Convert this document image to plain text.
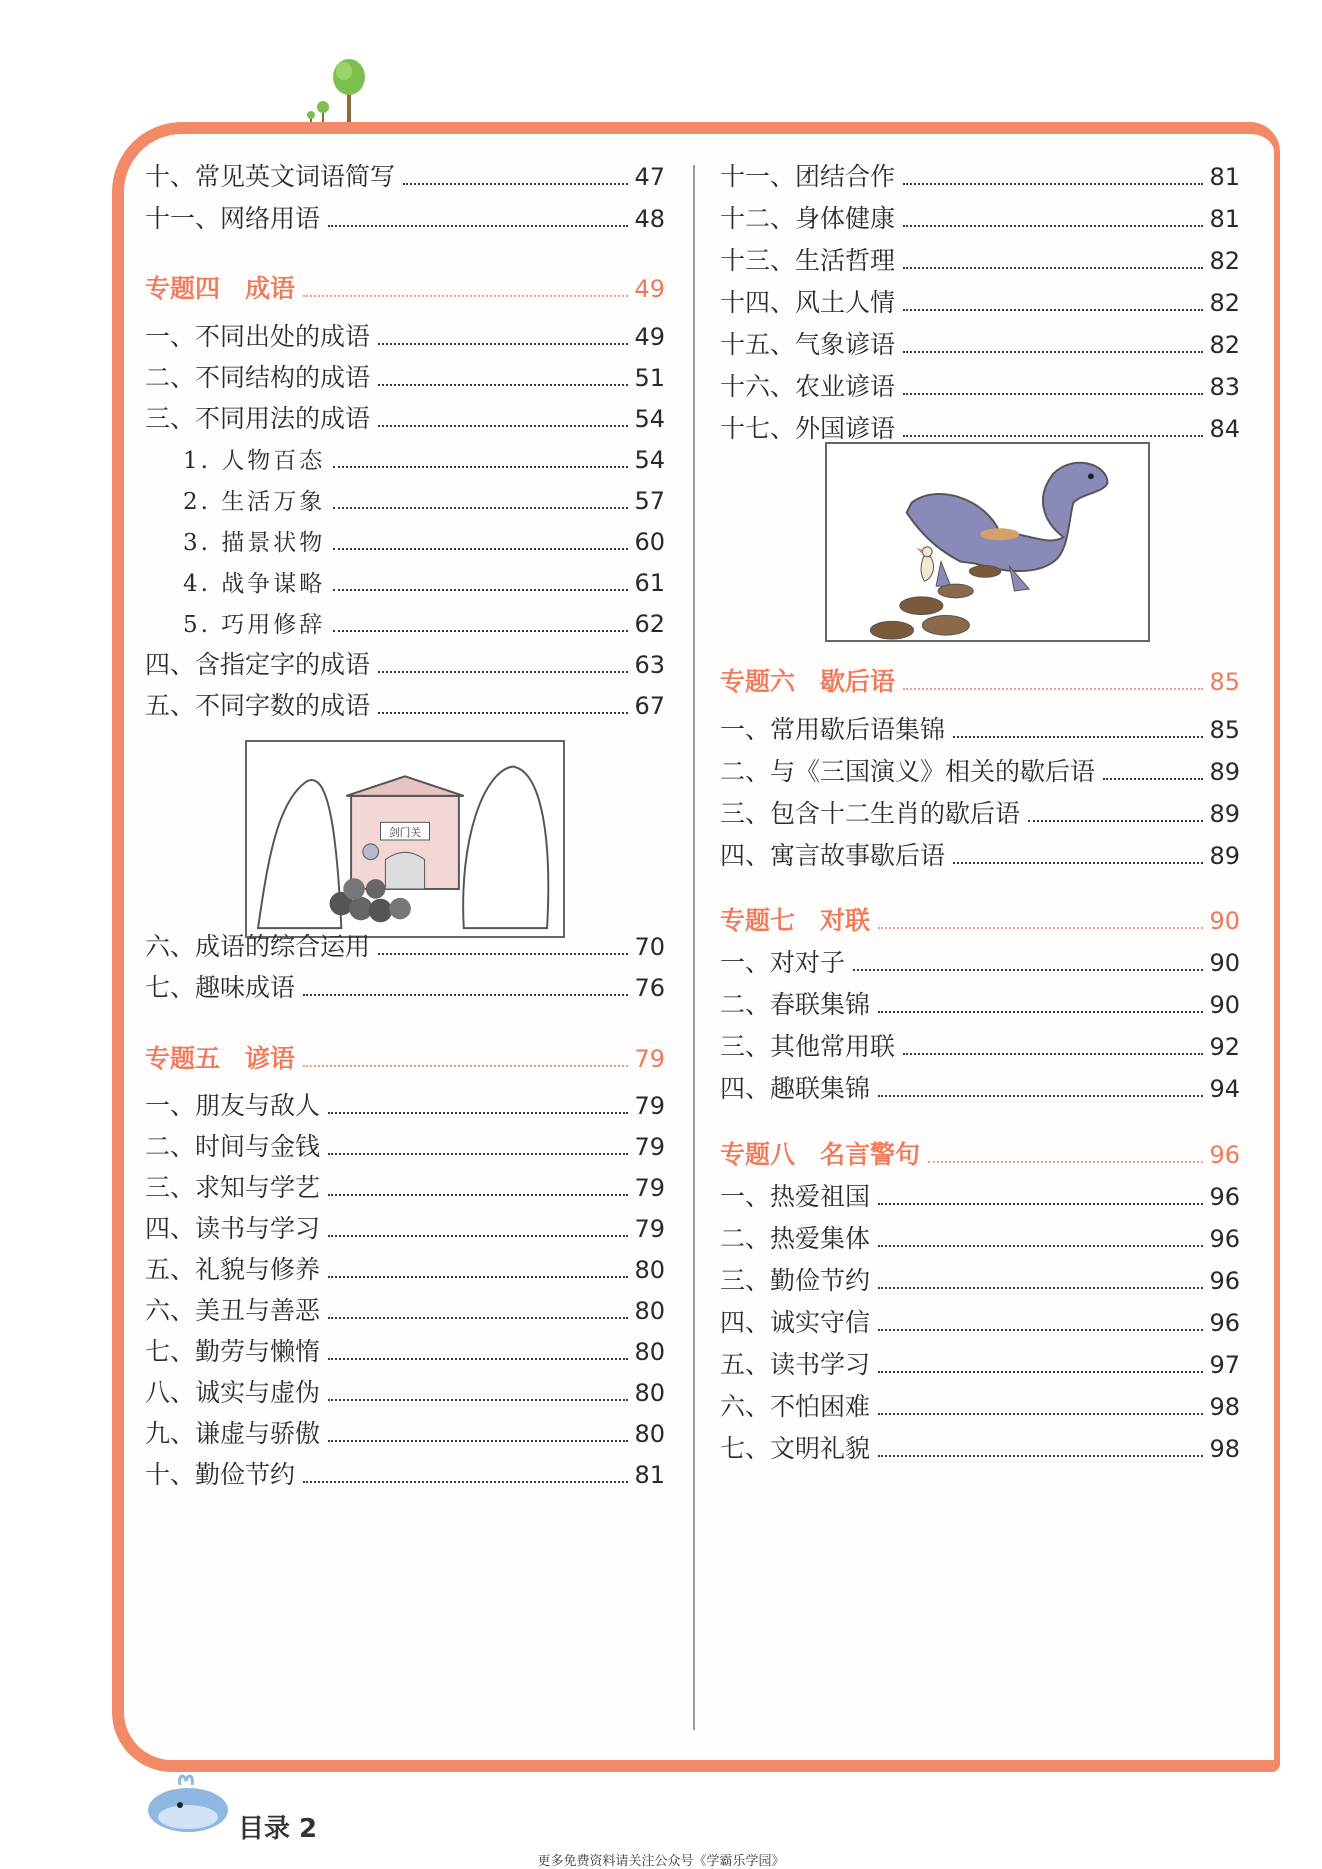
十、常见英文词语简写	47
十一、网络用语	48
专题四　成语	49
一、不同出处的成语	49
二、不同结构的成语	51
三、不同用法的成语	54
1. 人物百态	54
2. 生活万象	57
3. 描景状物	60
4. 战争谋略	61
5. 巧用修辞	62
四、含指定字的成语	63
五、不同字数的成语	67
剑门关
六、成语的综合运用	70
七、趣味成语	76
专题五　谚语	79
一、朋友与敌人	79
二、时间与金钱	79
三、求知与学艺	79
四、读书与学习	79
五、礼貌与修养	80
六、美丑与善恶	80
七、勤劳与懒惰	80
八、诚实与虚伪	80
九、谦虚与骄傲	80
十、勤俭节约	81
十一、团结合作	81
十二、身体健康	81
十三、生活哲理	82
十四、风土人情	82
十五、气象谚语	82
十六、农业谚语	83
十七、外国谚语	84
专题六　歇后语	85
一、常用歇后语集锦	85
二、与《三国演义》相关的歇后语	89
三、包含十二生肖的歇后语	89
四、寓言故事歇后语	89
专题七　对联	90
一、对对子	90
二、春联集锦	90
三、其他常用联	92
四、趣联集锦	94
专题八　名言警句	96
一、热爱祖国	96
二、热爱集体	96
三、勤俭节约	96
四、诚实守信	96
五、读书学习	97
六、不怕困难	98
七、文明礼貌	98
目录 2
更多免费资料请关注公众号《学霸乐学园》
